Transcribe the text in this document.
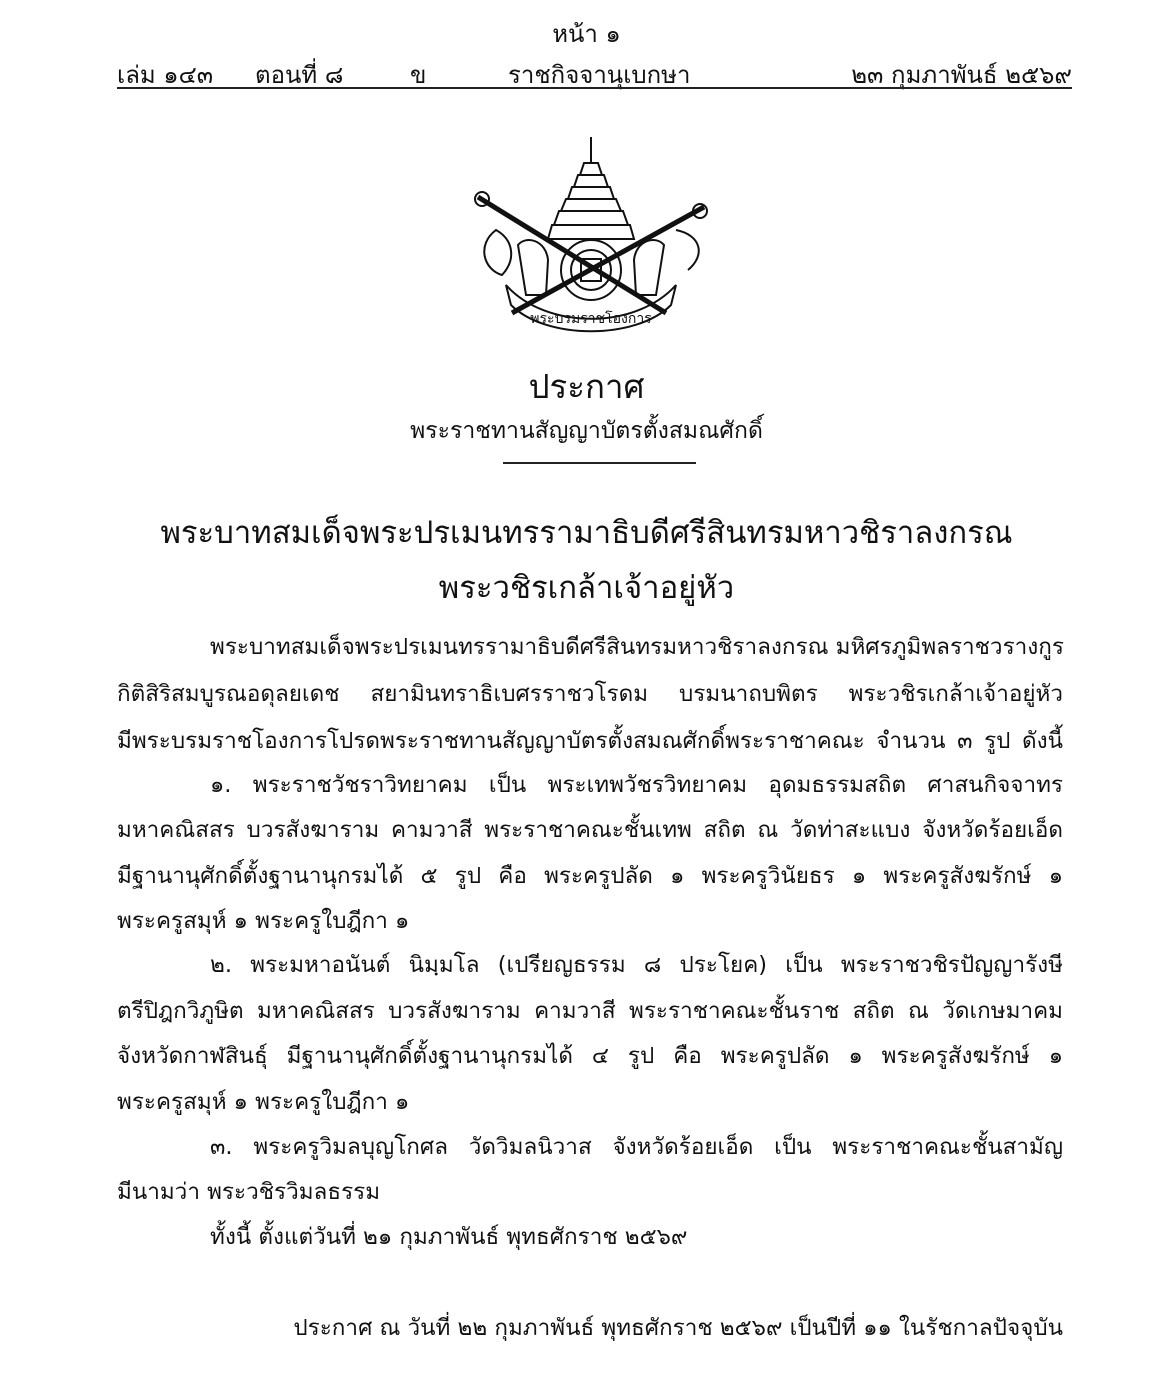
หน้า ๑
เล่ม ๑๔๓ ตอนที่ ๘	ข	ราชกิจจานุเบกษา	๒๓ กุมภาพันธ์ ๒๕๖๙
พระบรมราชโองการ
ประกาศ
พระราชทานสัญญาบัตรตั้งสมณศักดิ์
พระบาทสมเด็จพระปรเมนทรรามาธิบดีศรีสินทรมหาวชิราลงกรณ
พระวชิรเกล้าเจ้าอยู่หัว
พระบาทสมเด็จพระปรเมนทรรามาธิบดีศรีสินทรมหาวชิราลงกรณ มหิศรภูมิพลราชวรางกูร
กิติสิริสมบูรณอดุลยเดช สยามินทราธิเบศรราชวโรดม บรมนาถบพิตร พระวชิรเกล้าเจ้าอยู่หัว
มีพระบรมราชโองการโปรดพระราชทานสัญญาบัตรตั้งสมณศักดิ์พระราชาคณะ จำนวน ๓ รูป ดังนี้
๑. พระราชวัชราวิทยาคม เป็น พระเทพวัชรวิทยาคม อุดมธรรมสถิต ศาสนกิจจาทร
มหาคณิสสร บวรสังฆาราม คามวาสี พระราชาคณะชั้นเทพ สถิต ณ วัดท่าสะแบง จังหวัดร้อยเอ็ด
มีฐานานุศักดิ์ตั้งฐานานุกรมได้ ๕ รูป คือ พระครูปลัด ๑ พระครูวินัยธร ๑ พระครูสังฆรักษ์ ๑
พระครูสมุห์ ๑ พระครูใบฎีกา ๑
๒. พระมหาอนันต์ นิมฺมโล (เปรียญธรรม ๘ ประโยค) เป็น พระราชวชิรปัญญารังษี
ตรีปิฎกวิภูษิต มหาคณิสสร บวรสังฆาราม คามวาสี พระราชาคณะชั้นราช สถิต ณ วัดเกษมาคม
จังหวัดกาฬสินธุ์ มีฐานานุศักดิ์ตั้งฐานานุกรมได้ ๔ รูป คือ พระครูปลัด ๑ พระครูสังฆรักษ์ ๑
พระครูสมุห์ ๑ พระครูใบฎีกา ๑
๓. พระครูวิมลบุญโกศล วัดวิมลนิวาส จังหวัดร้อยเอ็ด เป็น พระราชาคณะชั้นสามัญ
มีนามว่า พระวชิรวิมลธรรม
ทั้งนี้ ตั้งแต่วันที่ ๒๑ กุมภาพันธ์ พุทธศักราช ๒๕๖๙
ประกาศ ณ วันที่ ๒๒ กุมภาพันธ์ พุทธศักราช ๒๕๖๙ เป็นปีที่ ๑๑ ในรัชกาลปัจจุบัน
